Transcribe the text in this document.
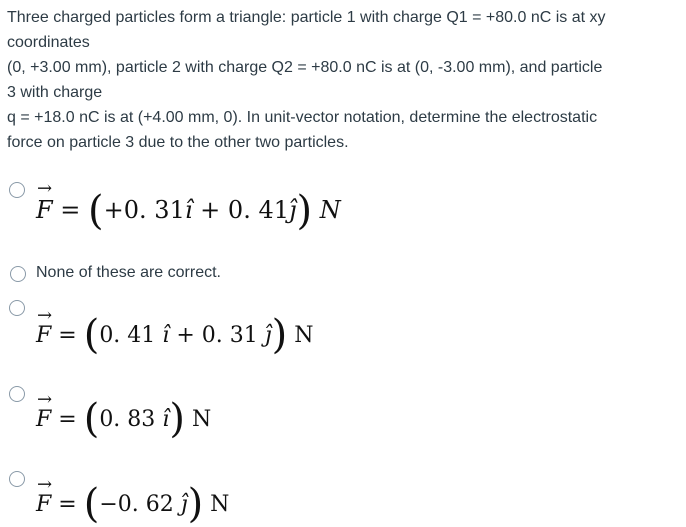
Three charged particles form a triangle: particle 1 with charge Q1 = +80.0 nC is at xy
coordinates
(0, +3.00 mm), particle 2 with charge Q2 = +80.0 nC is at (0, -3.00 mm), and particle
3 with charge
q = +18.0 nC is at (+4.00 mm, 0). In unit-vector notation, determine the electrostatic
force on particle 3 due to the other two particles.
→
F = (+0. 31î + 0. 41ĵ) N
None of these are correct.
→
F = (0. 41 î + 0. 31 ĵ) N
→
F = (0. 83 î) N
→
F = (−0. 62 ĵ) N
